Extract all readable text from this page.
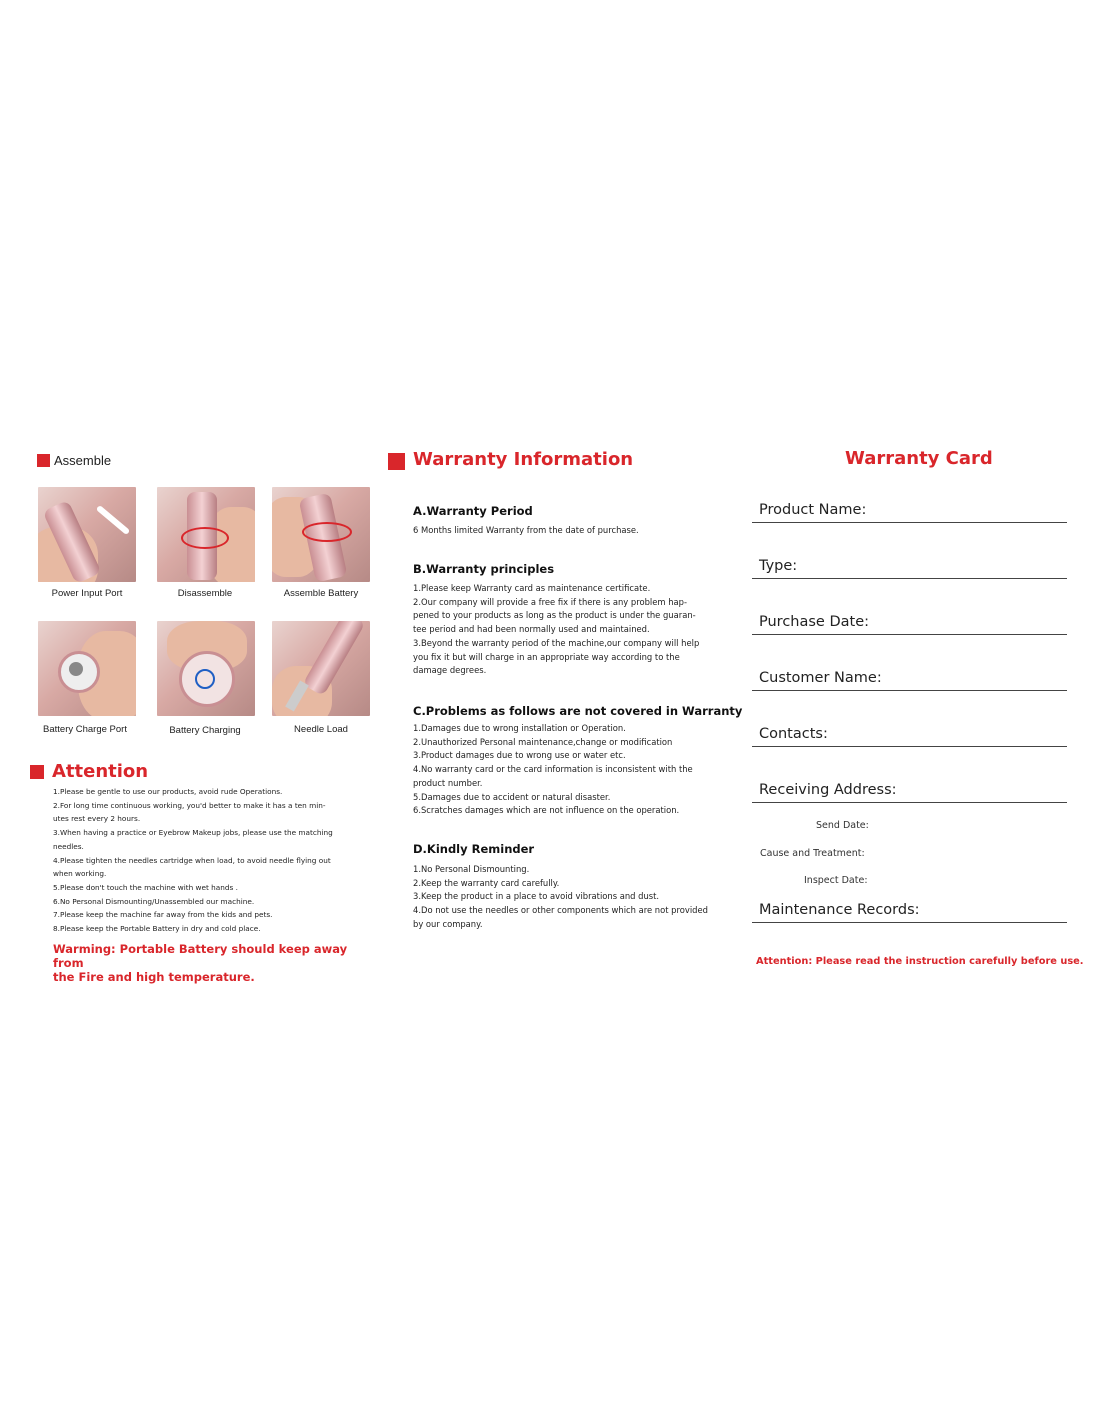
Assemble
Power Input Port	Disassemble	Assemble Battery
Battery Charge Port	Battery Charging	Needle Load
Attention
1.Please be gentle to use our products, avoid rude Operations.
2.For long time continuous working, you'd better to make it has a ten min-
utes rest every 2 hours.
3.When having a practice or Eyebrow Makeup jobs, please use the matching
needles.
4.Please tighten the needles cartridge when load, to avoid needle flying out
when working.
5.Please don't touch the machine with wet hands .
6.No Personal Dismounting/Unassembled our machine.
7.Please keep the machine far away from the kids and pets.
8.Please keep the Portable Battery in dry and cold place.
Warming: Portable Battery should keep away from
the Fire and high temperature.
Warranty Information
A.Warranty Period
6 Months limited Warranty from the date of purchase.
B.Warranty principles
1.Please keep Warranty card as maintenance certificate.
2.Our company will provide a free fix if there is any problem hap-
pened to your products as long as the product is under the guaran-
tee period and had been normally used and maintained.
3.Beyond the warranty period of the machine,our company will help
you fix it but will charge in an appropriate way according to the
damage degrees.
C.Problems as follows are not covered in Warranty
1.Damages due to wrong installation or Operation.
2.Unauthorized Personal maintenance,change or modification
3.Product damages due to wrong use or water etc.
4.No warranty card or the card information is inconsistent with the
product number.
5.Damages due to accident or natural disaster.
6.Scratches damages which are not influence on the operation.
D.Kindly Reminder
1.No Personal Dismounting.
2.Keep the warranty card carefully.
3.Keep the product in a place to avoid vibrations and dust.
4.Do not use the needles or other components which are not provided
by our company.
Warranty Card
Product Name:
Type:
Purchase Date:
Customer Name:
Contacts:
Receiving Address:
Send Date:
Cause and Treatment:
Inspect Date:
Maintenance Records:
Attention: Please read the instruction carefully before use.
